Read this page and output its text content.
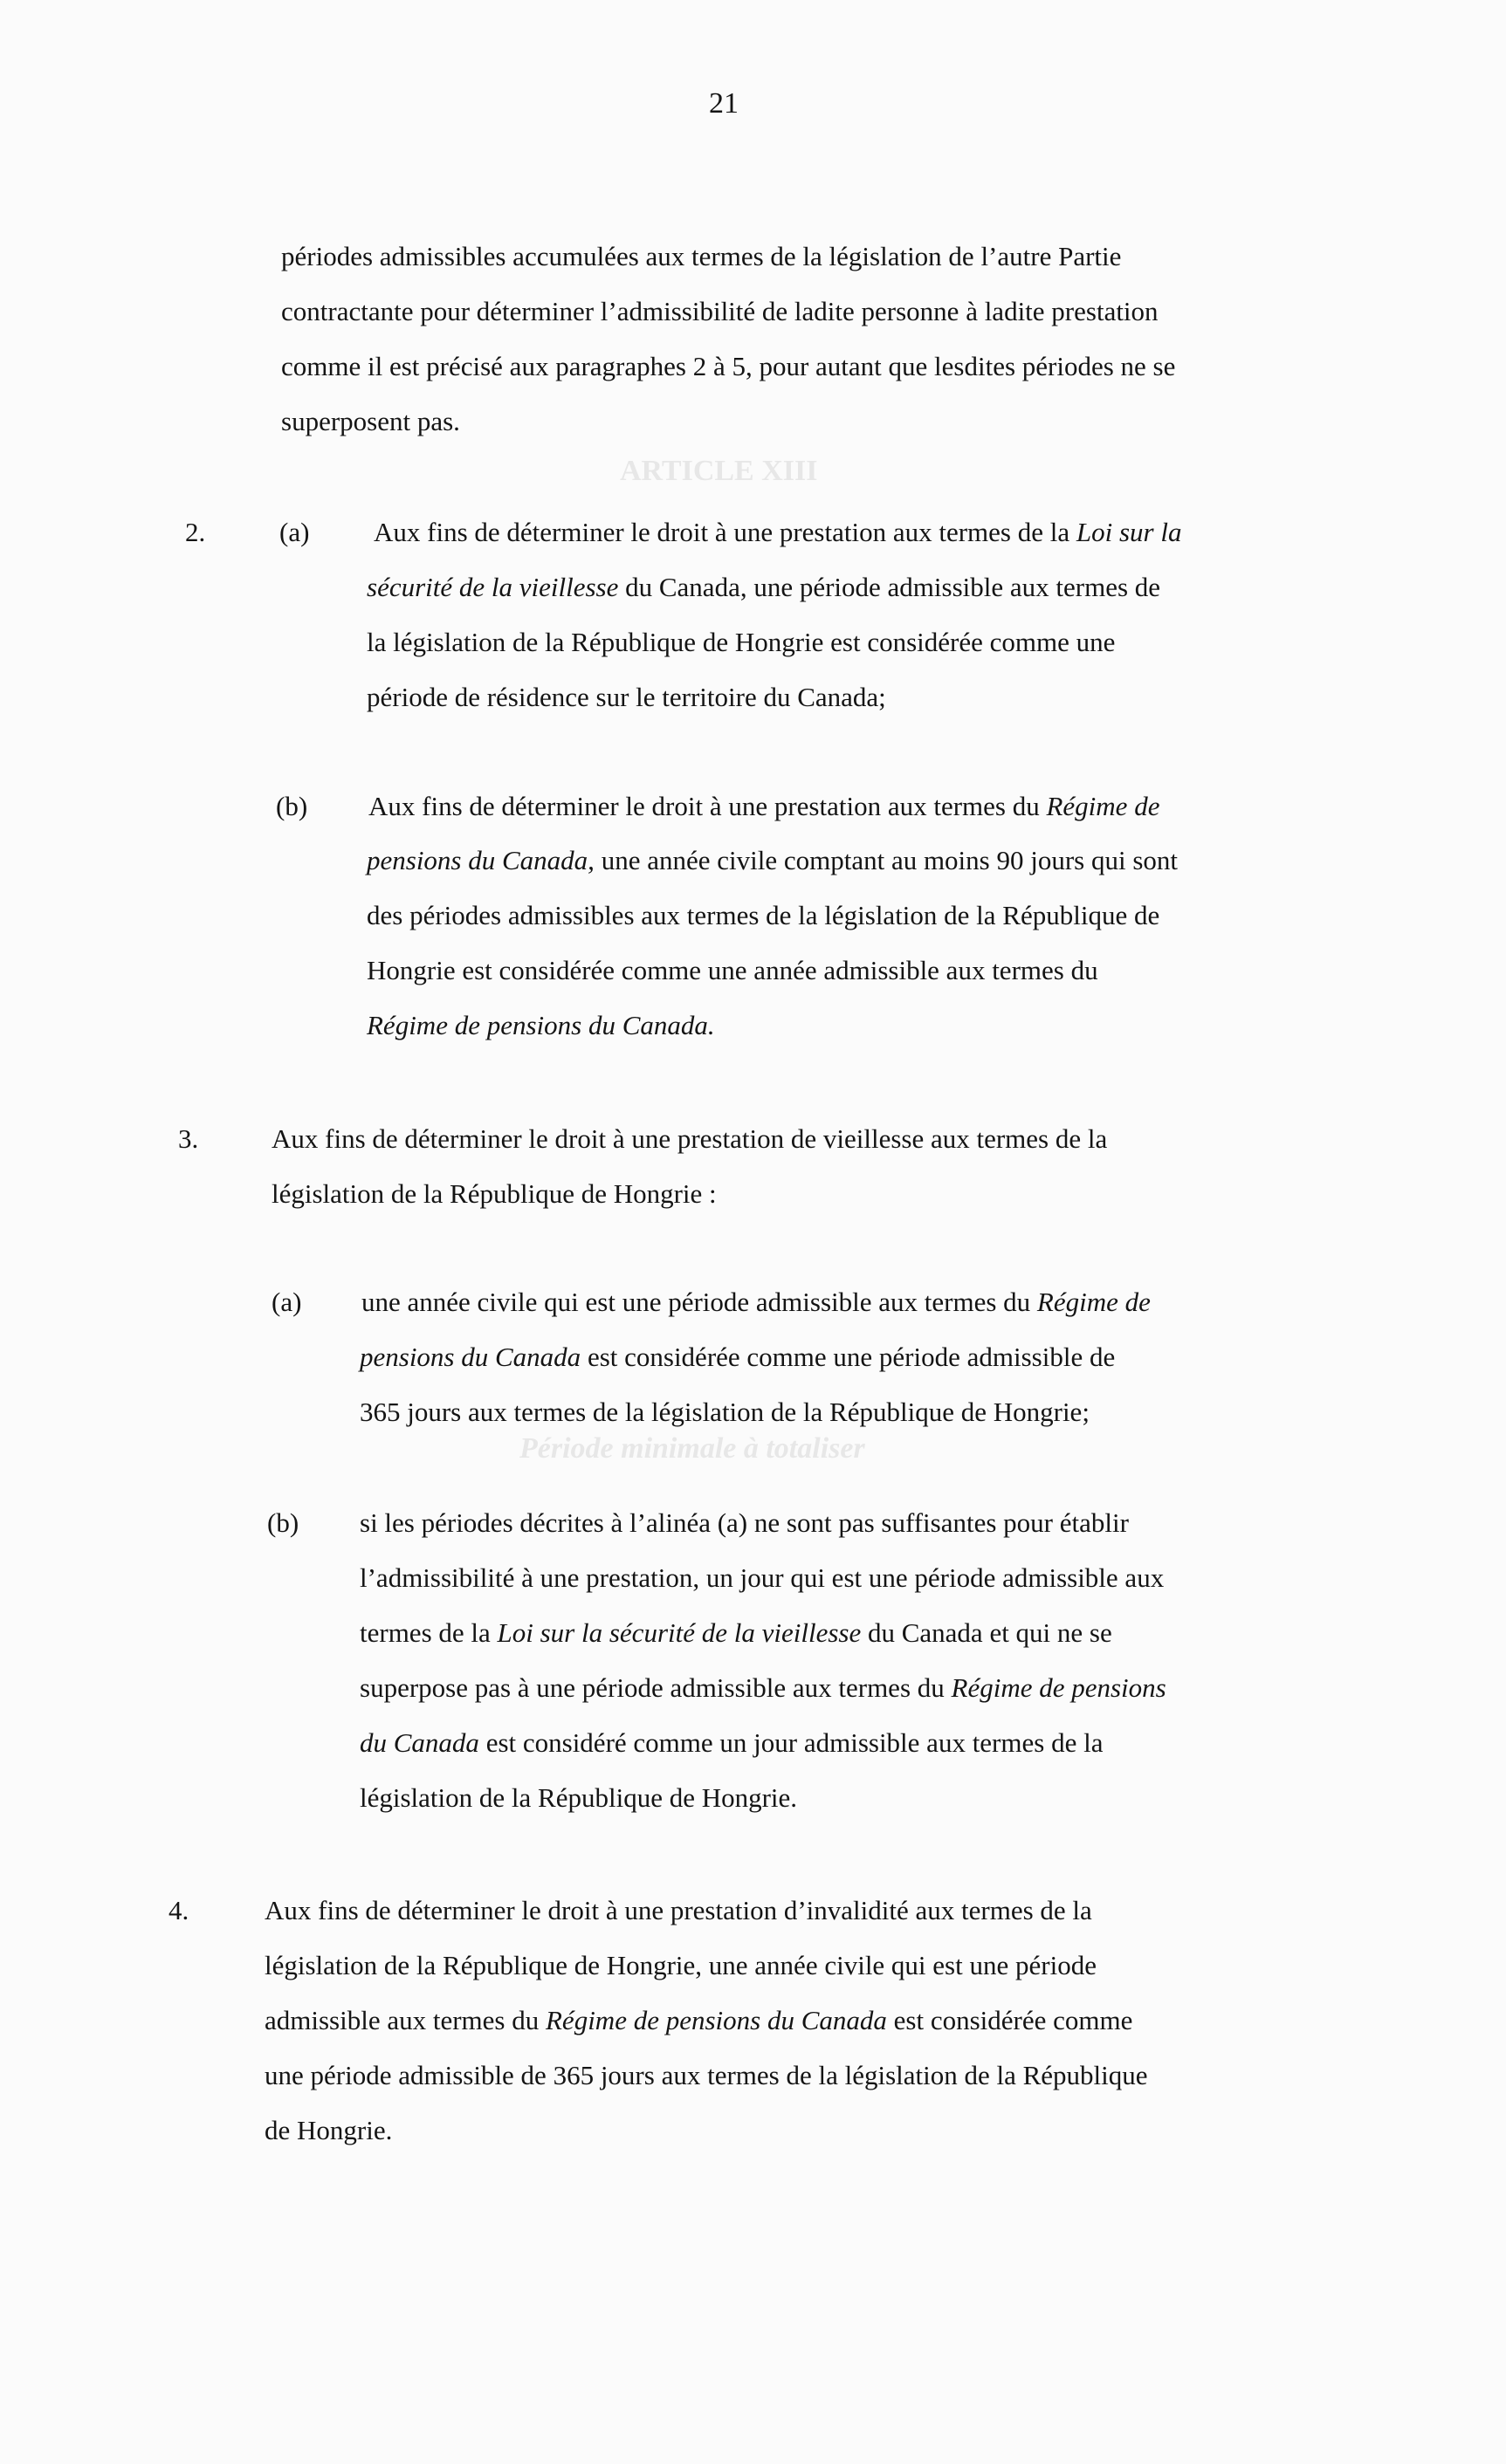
ARTICLE XIII
Période minimale à totaliser
21
périodes admissibles accumulées aux termes de la législation de l’autre Partie
contractante pour déterminer l’admissibilité de ladite personne à ladite prestation
comme il est précisé aux paragraphes 2 à 5, pour autant que lesdites périodes ne se
superposent pas.
2.	(a) Aux fins de déterminer le droit à une prestation aux termes de la Loi sur la
sécurité de la vieillesse du Canada, une période admissible aux termes de
la législation de la République de Hongrie est considérée comme une
période de résidence sur le territoire du Canada;
(b) Aux fins de déterminer le droit à une prestation aux termes du Régime de
pensions du Canada, une année civile comptant au moins 90 jours qui sont
des périodes admissibles aux termes de la législation de la République de
Hongrie est considérée comme une année admissible aux termes du
Régime de pensions du Canada.
3.	Aux fins de déterminer le droit à une prestation de vieillesse aux termes de la
législation de la République de Hongrie :
(a) une année civile qui est une période admissible aux termes du Régime de
pensions du Canada est considérée comme une période admissible de
365 jours aux termes de la législation de la République de Hongrie;
(b) si les périodes décrites à l’alinéa (a) ne sont pas suffisantes pour établir
l’admissibilité à une prestation, un jour qui est une période admissible aux
termes de la Loi sur la sécurité de la vieillesse du Canada et qui ne se
superpose pas à une période admissible aux termes du Régime de pensions
du Canada est considéré comme un jour admissible aux termes de la
législation de la République de Hongrie.
4.	Aux fins de déterminer le droit à une prestation d’invalidité aux termes de la
législation de la République de Hongrie, une année civile qui est une période
admissible aux termes du Régime de pensions du Canada est considérée comme
une période admissible de 365 jours aux termes de la législation de la République
de Hongrie.
